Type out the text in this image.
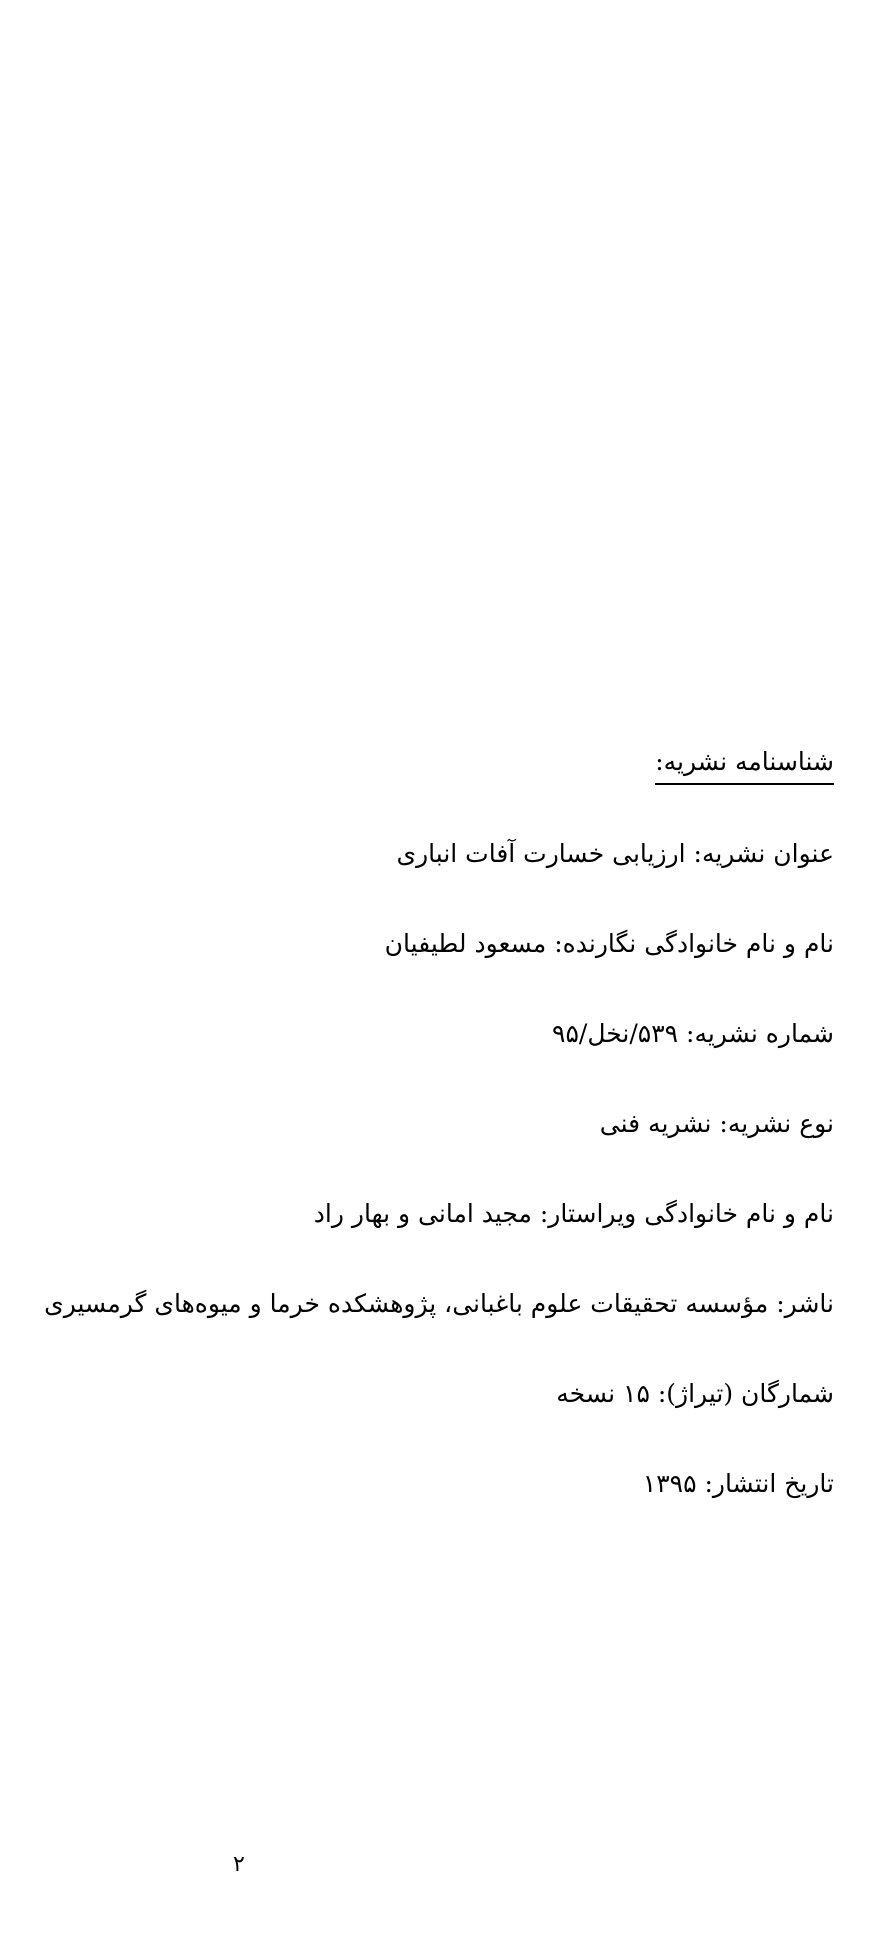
شناسنامه نشریه:
عنوان نشریه: ارزیابی خسارت آفات انباری
نام و نام خانوادگی نگارنده: مسعود لطیفیان
شماره نشریه: ۵۳۹/نخل/۹۵
نوع نشریه: نشریه فنی
نام و نام خانوادگی ویراستار: مجید امانی و بهار راد
ناشر: مؤسسه تحقیقات علوم باغبانی، پژوهشکده خرما و میوه‌های گرمسیری
شمارگان (تیراژ): ۱۵ نسخه
تاریخ انتشار: ۱۳۹۵
۲
